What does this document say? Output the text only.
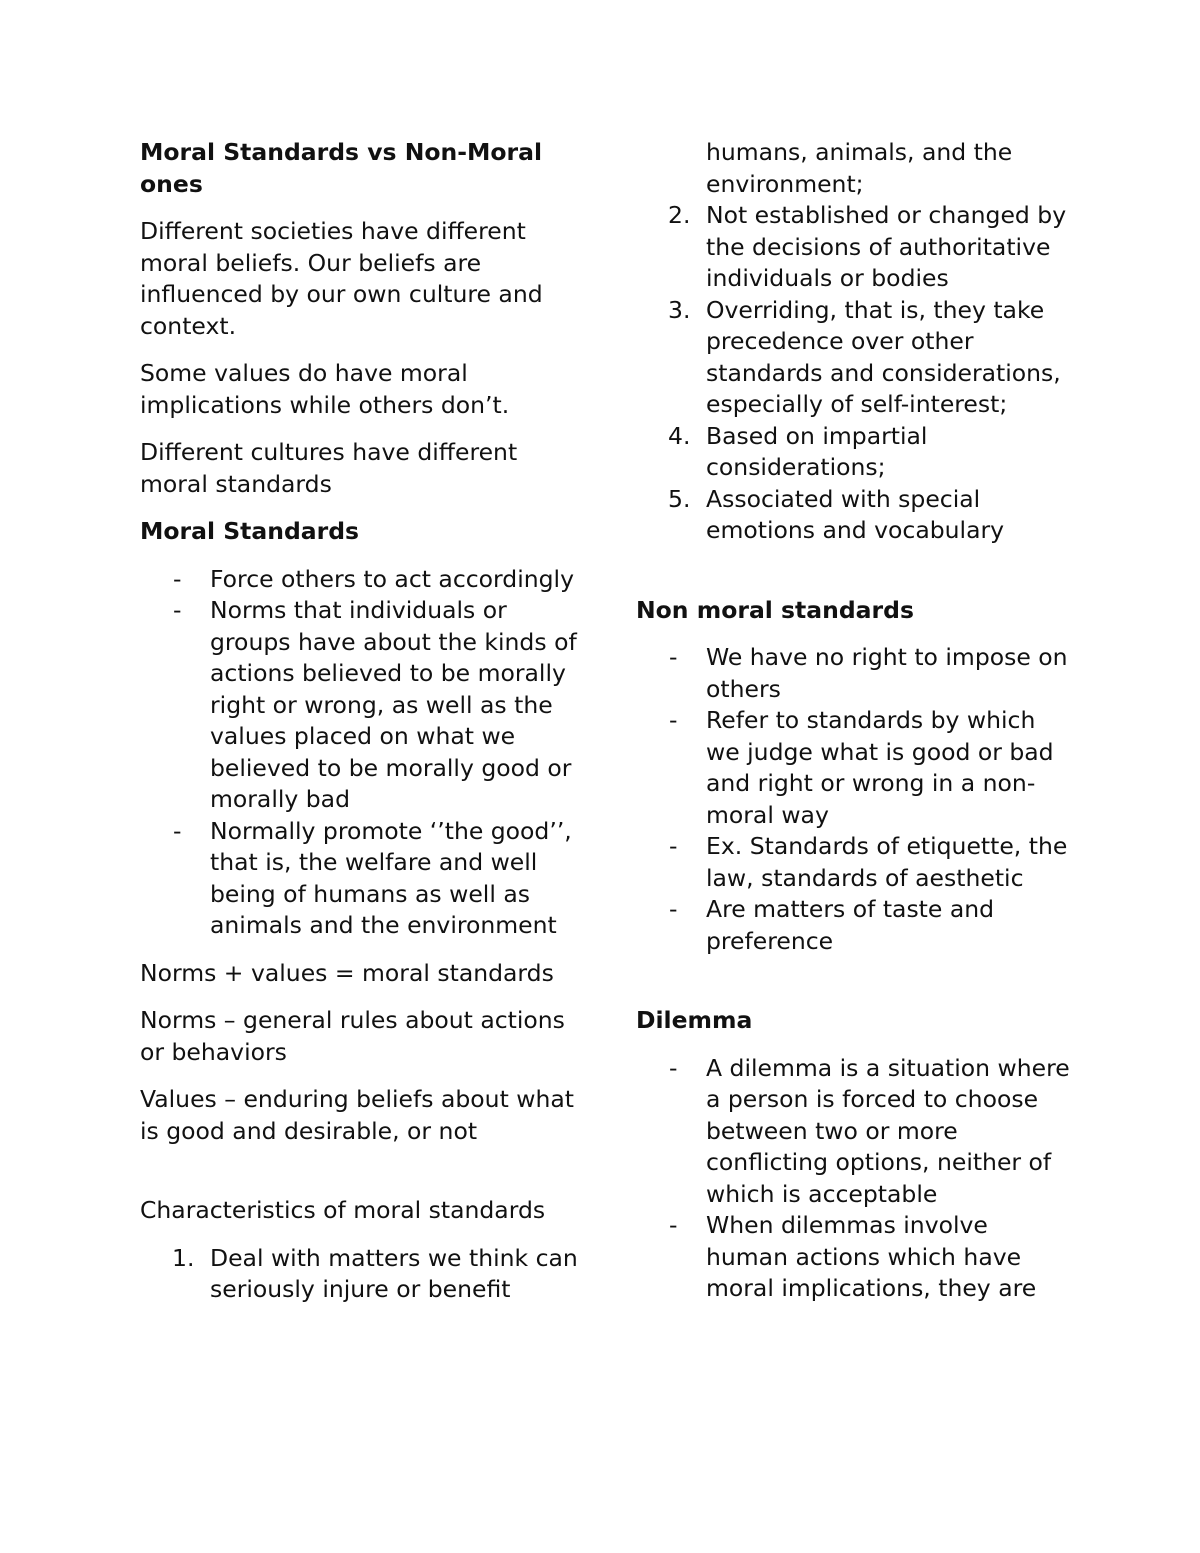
Moral Standards vs Non-Moral ones

Different societies have different moral beliefs. Our beliefs are influenced by our own culture and context.

Some values do have moral implications while others don’t.

Different cultures have different moral standards

Moral Standards

- Force others to act accordingly
- Norms that individuals or groups have about the kinds of actions believed to be morally right or wrong, as well as the values placed on what we believed to be morally good or morally bad
- Normally promote ‘’the good’’, that is, the welfare and well being of humans as well as animals and the environment

Norms + values = moral standards

Norms – general rules about actions or behaviors

Values – enduring beliefs about what is good and desirable, or not

Characteristics of moral standards

1. Deal with matters we think can seriously injure or benefit
humans, animals, and the environment;
2. Not established or changed by the decisions of authoritative individuals or bodies
3. Overriding, that is, they take precedence over other standards and considerations, especially of self-interest;
4. Based on impartial considerations;
5. Associated with special emotions and vocabulary

Non moral standards

- We have no right to impose on others
- Refer to standards by which we judge what is good or bad and right or wrong in a non-moral way
- Ex. Standards of etiquette, the law, standards of aesthetic
- Are matters of taste and preference

Dilemma

- A dilemma is a situation where a person is forced to choose between two or more conflicting options, neither of which is acceptable
- When dilemmas involve human actions which have moral implications, they are
